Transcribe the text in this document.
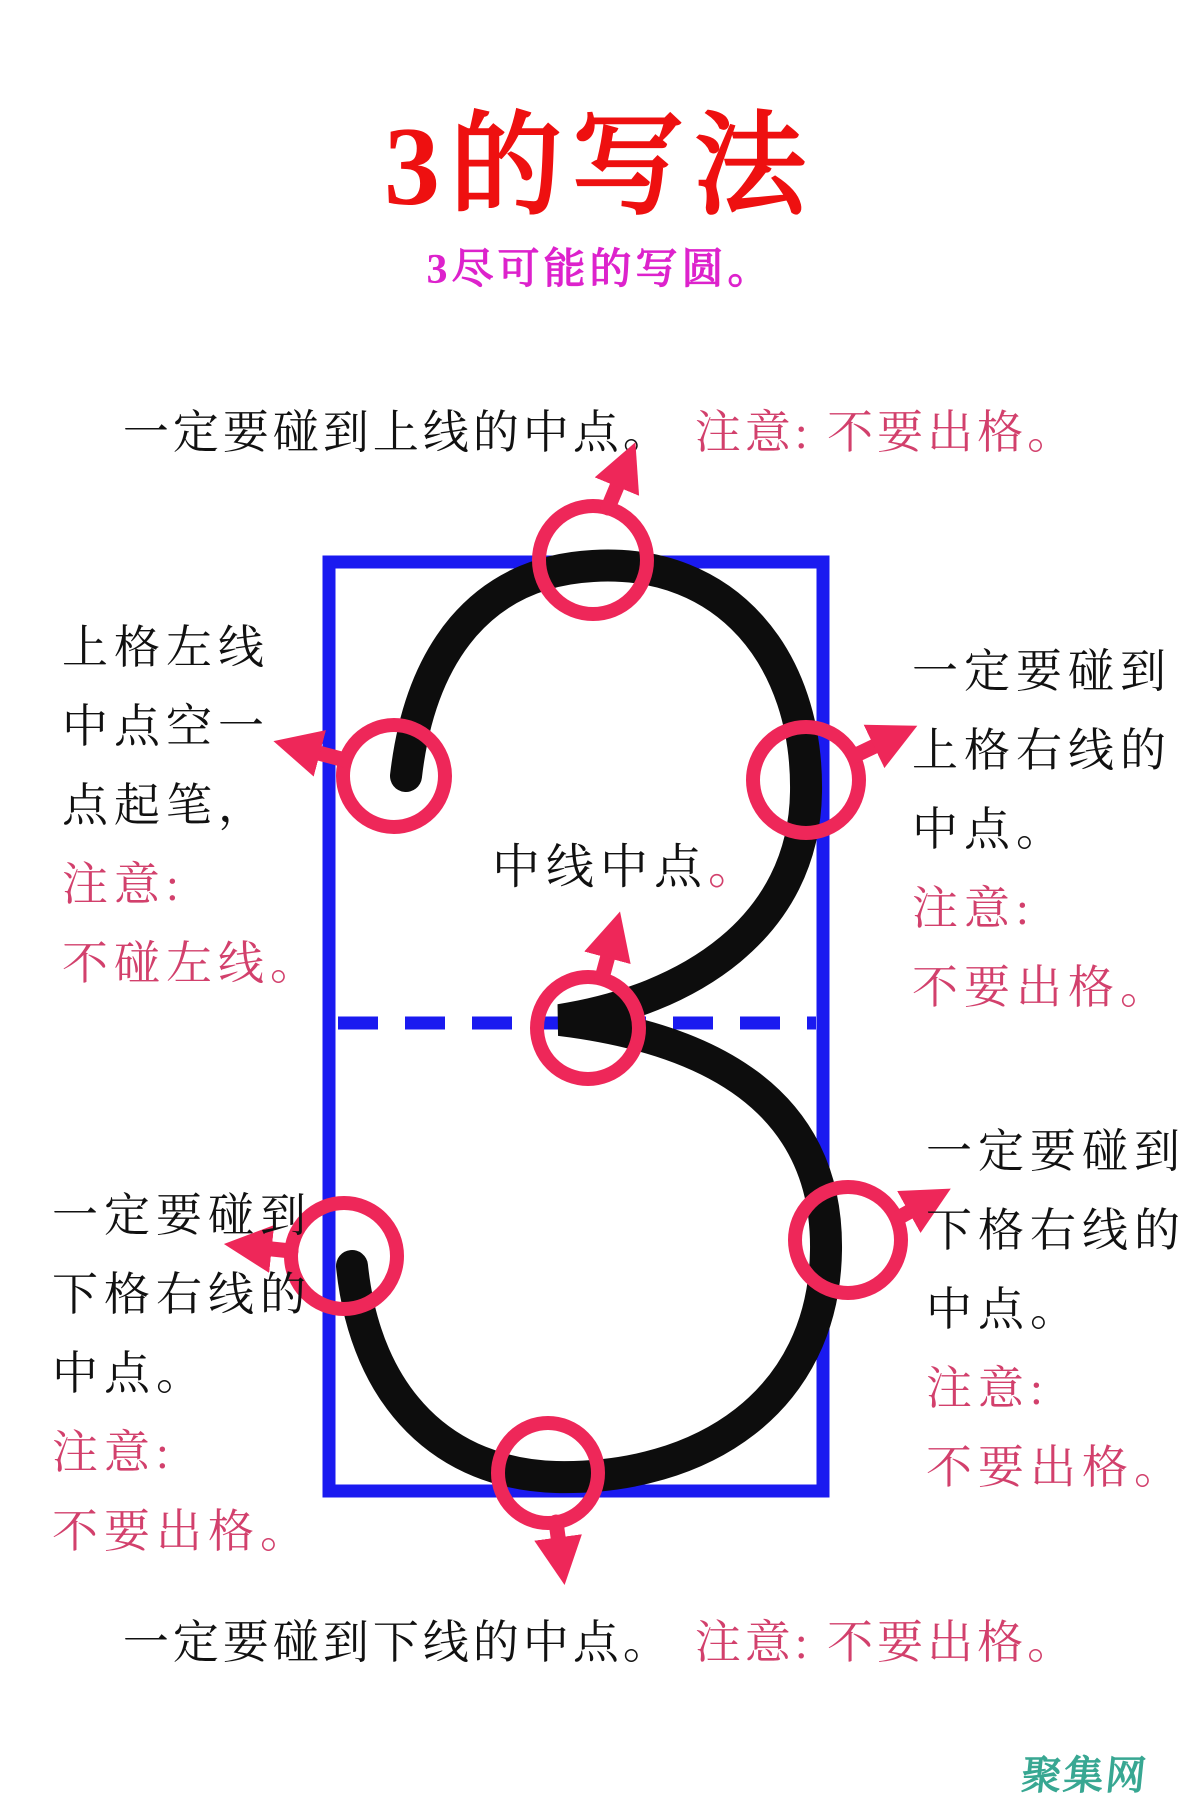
3的写法
3尽可能的写圆。
一定要碰到上线的中点。 注意: 不要出格。
中线中点。
上格左线
中点空一
点起笔，
注意:
不碰左线。
一定要碰到
上格右线的
中点。
注意:
不要出格。
一定要碰到
下格右线的
中点。
注意:
不要出格。
一定要碰到
下格右线的
中点。
注意:
不要出格。
一定要碰到下线的中点。 注意: 不要出格。
聚集网
